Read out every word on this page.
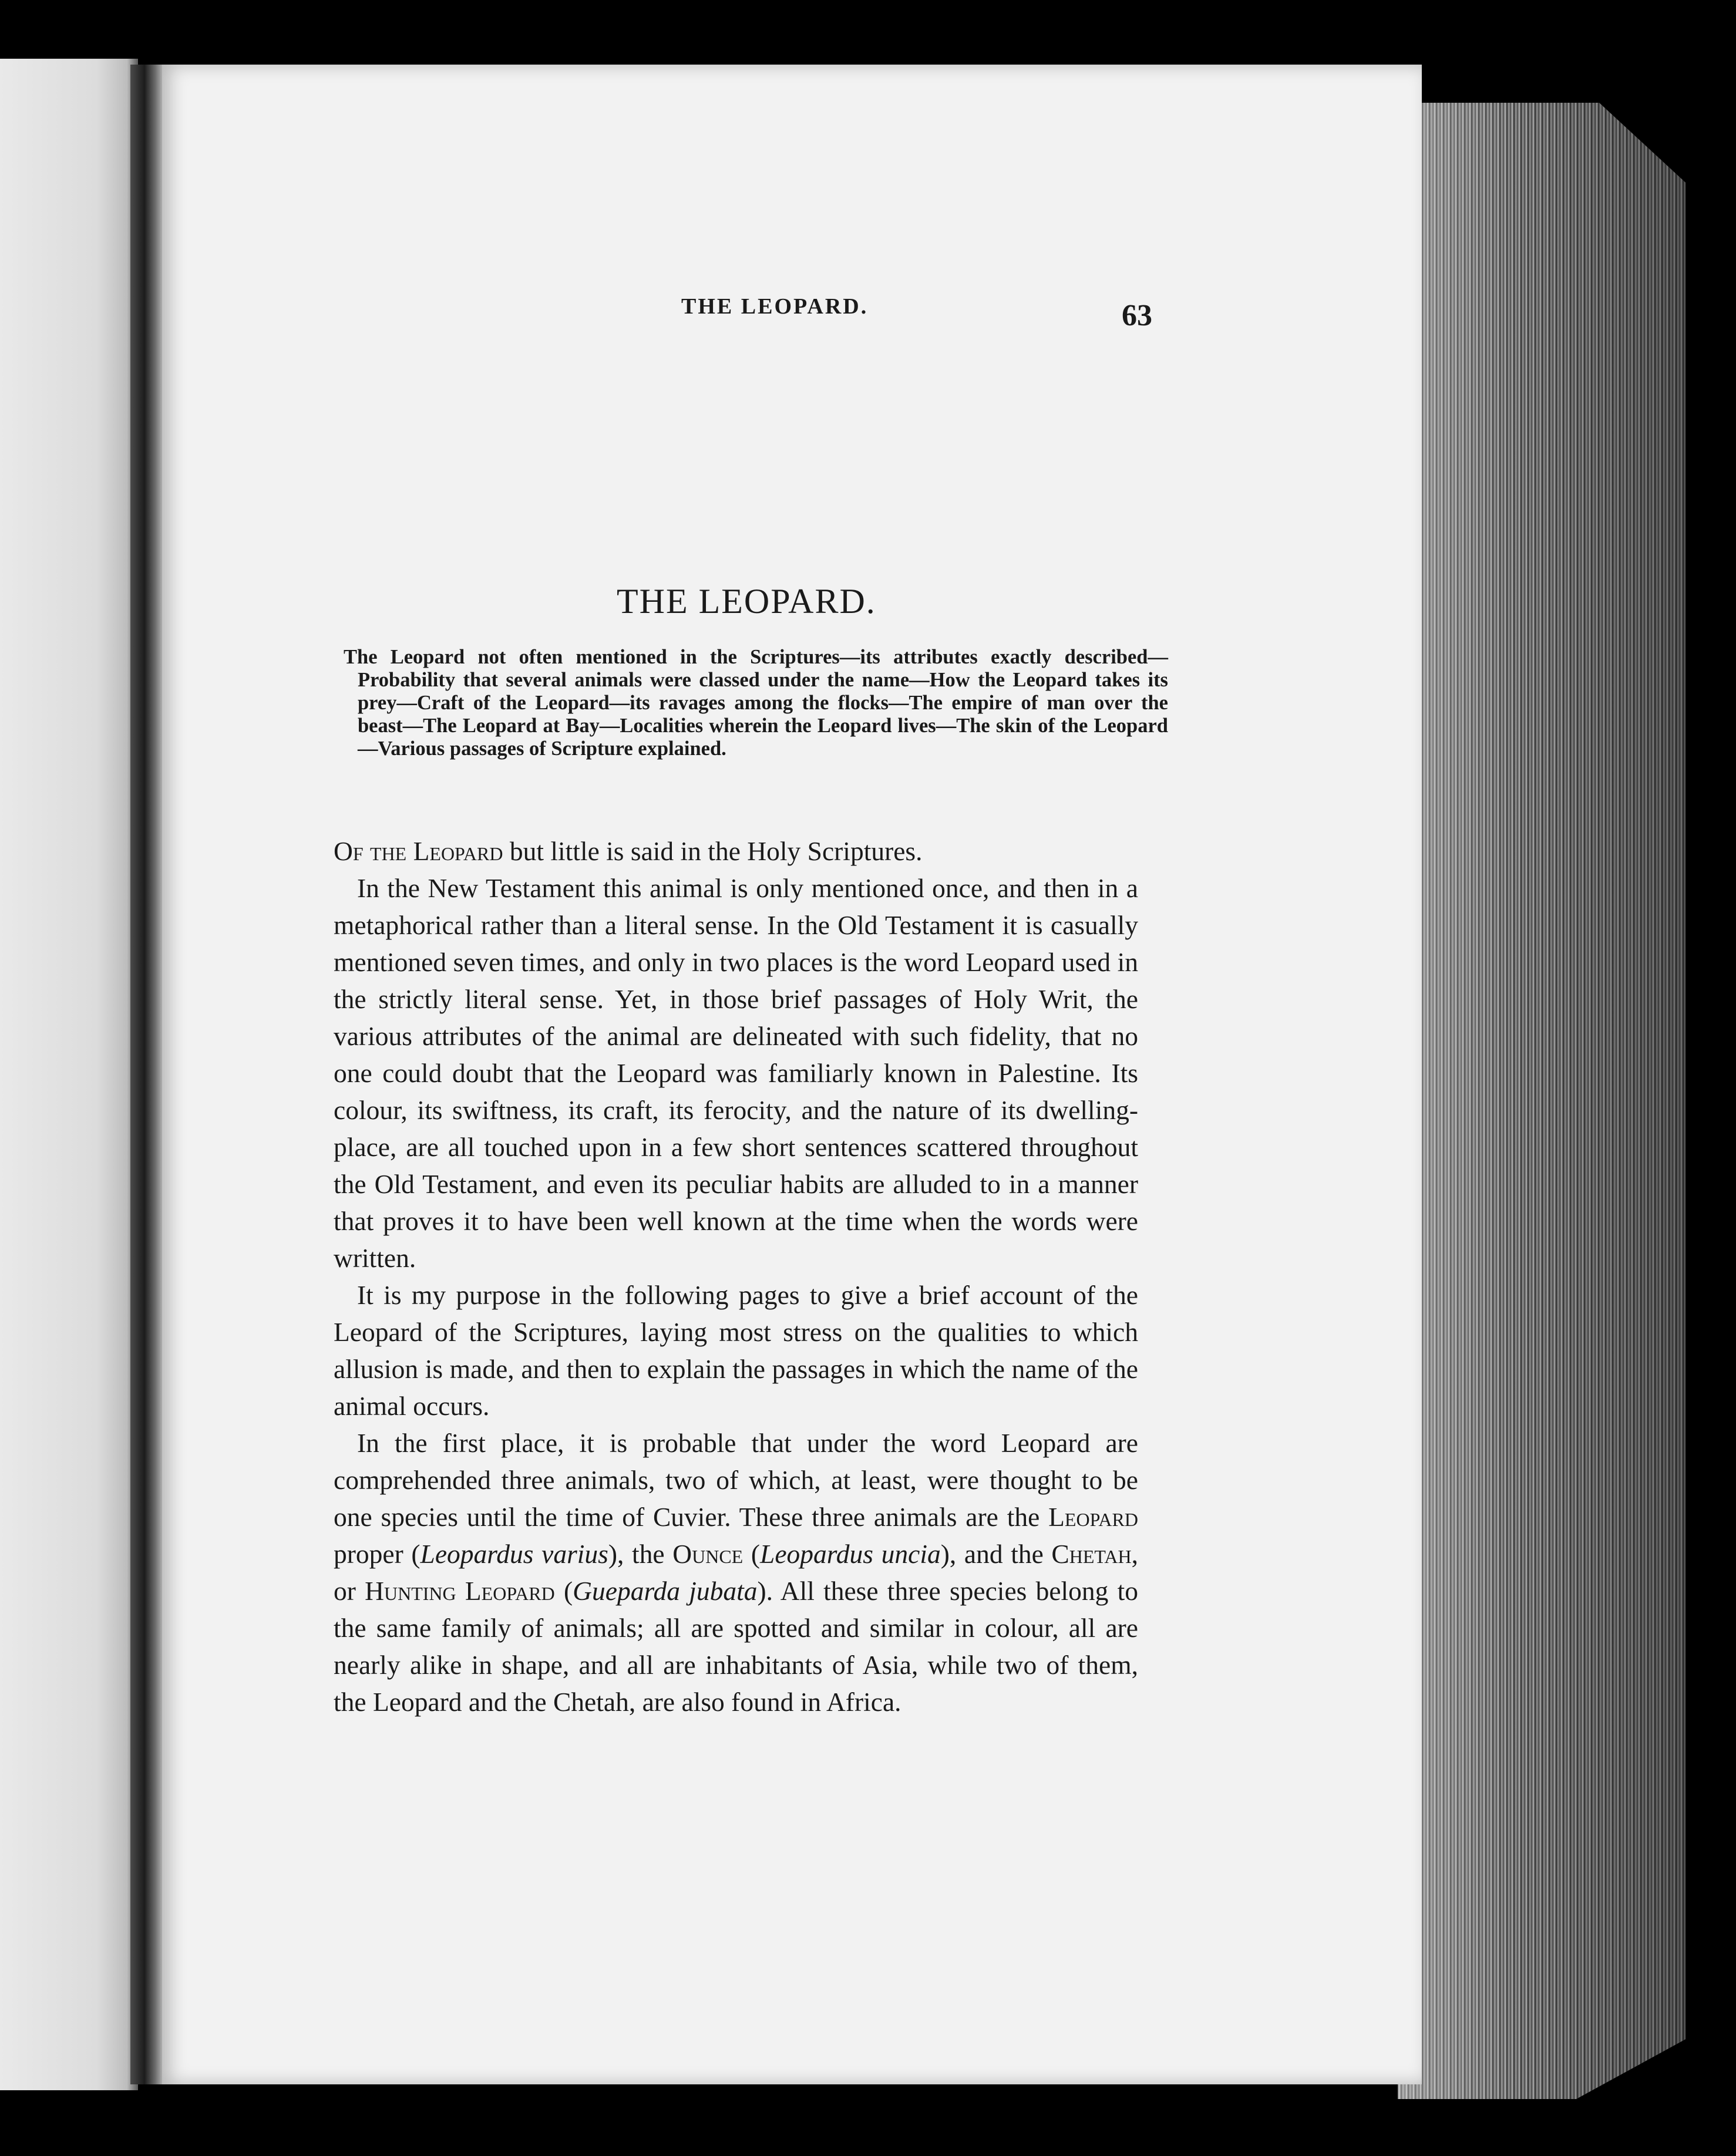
THE LEOPARD.	63
THE LEOPARD.
The Leopard not often mentioned in the Scriptures—its attributes exactly described—Probability that several animals were classed under the name—How the Leopard takes its prey—Craft of the Leopard—its ravages among the flocks—The empire of man over the beast—The Leopard at Bay—Localities wherein the Leopard lives—The skin of the Leopard—Various passages of Scripture explained.

Of the Leopard but little is said in the Holy Scriptures.

In the New Testament this animal is only mentioned once, and then in a metaphorical rather than a literal sense. In the Old Testament it is casually mentioned seven times, and only in two places is the word Leopard used in the strictly literal sense. Yet, in those brief passages of Holy Writ, the various attributes of the animal are delineated with such fidelity, that no one could doubt that the Leopard was familiarly known in Palestine. Its colour, its swiftness, its craft, its ferocity, and the nature of its dwelling-place, are all touched upon in a few short sentences scattered throughout the Old Testament, and even its peculiar habits are alluded to in a manner that proves it to have been well known at the time when the words were written.

It is my purpose in the following pages to give a brief account of the Leopard of the Scriptures, laying most stress on the qualities to which allusion is made, and then to explain the passages in which the name of the animal occurs.

In the first place, it is probable that under the word Leopard are comprehended three animals, two of which, at least, were thought to be one species until the time of Cuvier. These three animals are the Leopard proper (Leopardus varius), the Ounce (Leopardus uncia), and the Chetah, or Hunting Leopard (Gueparda jubata). All these three species belong to the same family of animals; all are spotted and similar in colour, all are nearly alike in shape, and all are inhabitants of Asia, while two of them, the Leopard and the Chetah, are also found in Africa.
